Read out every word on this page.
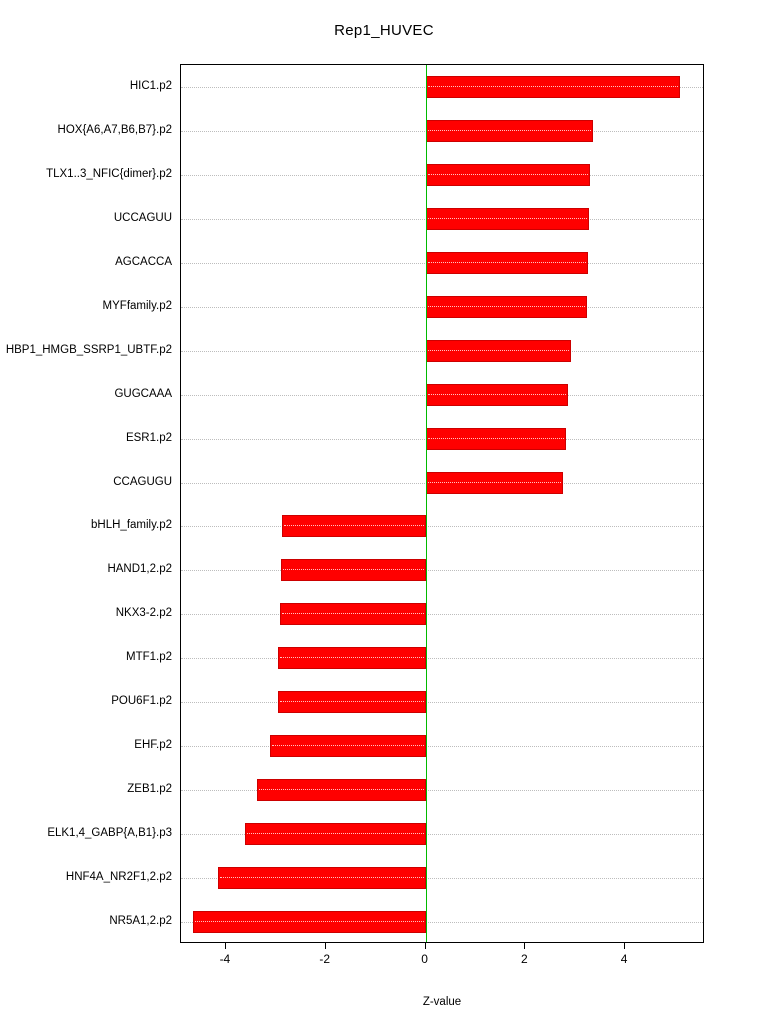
Rep1_HUVEC
HIC1.p2
HOX{A6,A7,B6,B7}.p2
TLX1..3_NFIC{dimer}.p2
UCCAGUU
AGCACCA
MYFfamily.p2
HBP1_HMGB_SSRP1_UBTF.p2
GUGCAAA
ESR1.p2
CCAGUGU
bHLH_family.p2
HAND1,2.p2
NKX3-2.p2
MTF1.p2
POU6F1.p2
EHF.p2
ZEB1.p2
ELK1,4_GABP{A,B1}.p3
HNF4A_NR2F1,2.p2
NR5A1,2.p2
-4	-2	0	2	4
Z-value
